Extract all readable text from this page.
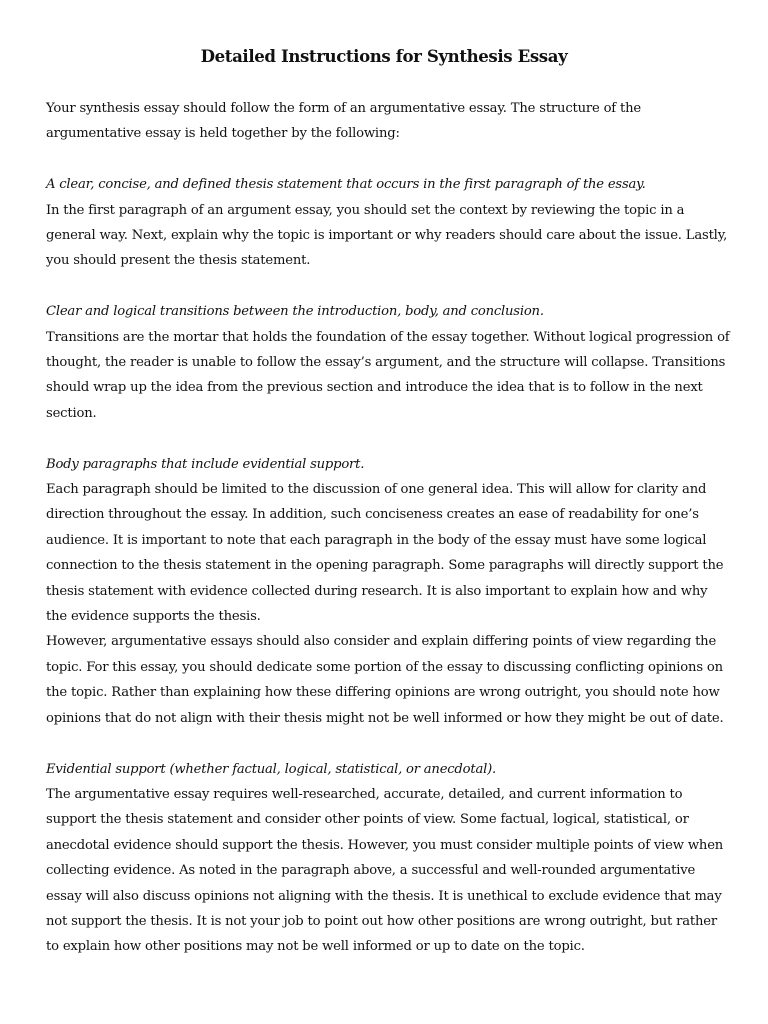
Detailed Instructions for Synthesis Essay

Your synthesis essay should follow the form of an argumentative essay. The structure of the argumentative essay is held together by the following:

A clear, concise, and defined thesis statement that occurs in the first paragraph of the essay.

In the first paragraph of an argument essay, you should set the context by reviewing the topic in a general way. Next, explain why the topic is important or why readers should care about the issue. Lastly, you should present the thesis statement.

Clear and logical transitions between the introduction, body, and conclusion.

Transitions are the mortar that holds the foundation of the essay together. Without logical progression of thought, the reader is unable to follow the essay’s argument, and the structure will collapse. Transitions should wrap up the idea from the previous section and introduce the idea that is to follow in the next section.

Body paragraphs that include evidential support.

Each paragraph should be limited to the discussion of one general idea. This will allow for clarity and direction throughout the essay. In addition, such conciseness creates an ease of readability for one’s audience. It is important to note that each paragraph in the body of the essay must have some logical connection to the thesis statement in the opening paragraph. Some paragraphs will directly support the thesis statement with evidence collected during research. It is also important to explain how and why the evidence supports the thesis.

However, argumentative essays should also consider and explain differing points of view regarding the topic. For this essay, you should dedicate some portion of the essay to discussing conflicting opinions on the topic. Rather than explaining how these differing opinions are wrong outright, you should note how opinions that do not align with their thesis might not be well informed or how they might be out of date.

Evidential support (whether factual, logical, statistical, or anecdotal).

The argumentative essay requires well-researched, accurate, detailed, and current information to support the thesis statement and consider other points of view. Some factual, logical, statistical, or anecdotal evidence should support the thesis. However, you must consider multiple points of view when collecting evidence. As noted in the paragraph above, a successful and well-rounded argumentative essay will also discuss opinions not aligning with the thesis. It is unethical to exclude evidence that may not support the thesis. It is not your job to point out how other positions are wrong outright, but rather to explain how other positions may not be well informed or up to date on the topic.
